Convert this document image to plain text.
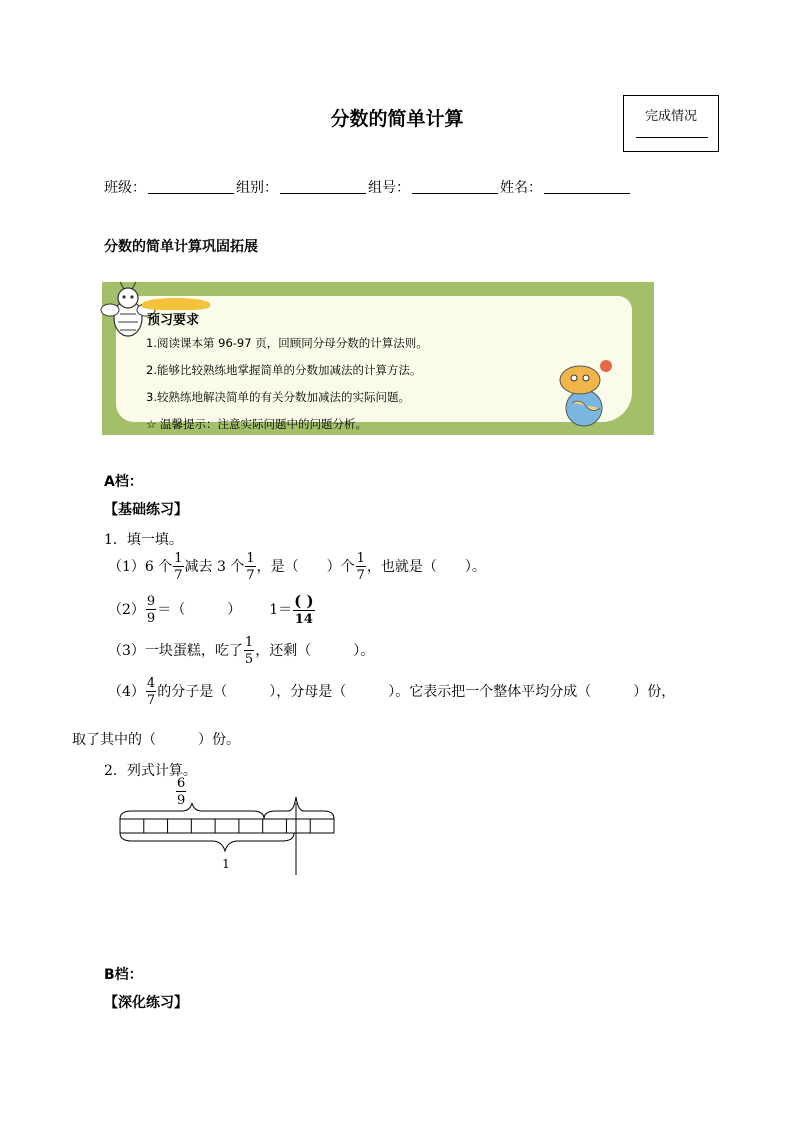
分数的简单计算	完成情况
班级：	组别：	组号：	姓名：
分数的简单计算巩固拓展
预习要求
1.阅读课本第 96-97 页，回顾同分母分数的计算法则。
2.能够比较熟练地掌握简单的分数加减法的计算方法。
3.较熟练地解决简单的有关分数加减法的实际问题。
☆ 温馨提示：注意实际问题中的问题分析。
A档：
【基础练习】
1．填一填。
（1）6 个 $\frac{1}{7}$ 减去 3 个 $\frac{1}{7}$ ，是（　　）个 $\frac{1}{7}$ ，也就是（　　）。
$(2) \frac{9}{9}$ ＝（　　　） $1= \frac{( )}{14}$
（3）一块蛋糕，吃了 $\frac{1}{5}$ ，还剩（　　　）。
$(4) \frac{4}{7}$ 的分子是（　　　），分母是（　　　）。它表示把一个整体平均分成（　　　）份，
取了其中的（　　　）份。
2．列式计算。
$\frac{6}{9}$
1
B档：
【深化练习】
